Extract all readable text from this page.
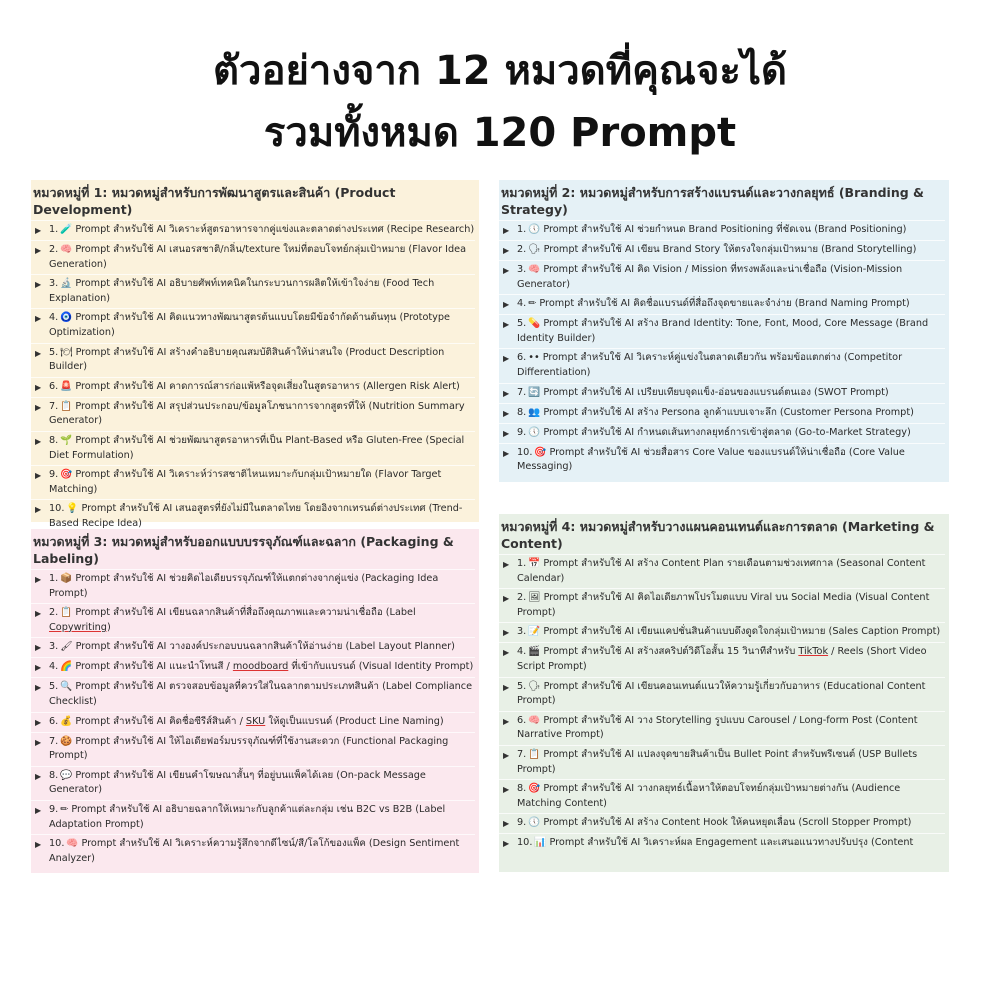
ตัวอย่างจาก 12 หมวดที่คุณจะได้
รวมทั้งหมด 120 Prompt
หมวดหมู่ที่ 1: หมวดหมู่สำหรับการพัฒนาสูตรและสินค้า (Product Development)
▶ 1. 🧪 Prompt สำหรับใช้ AI วิเคราะห์สูตรอาหารจากคู่แข่งและตลาดต่างประเทศ (Recipe Research)
▶ 2. 🧠 Prompt สำหรับใช้ AI เสนอรสชาติ/กลิ่น/texture ใหม่ที่ตอบโจทย์กลุ่มเป้าหมาย (Flavor Idea Generation)
▶ 3. 🔬 Prompt สำหรับใช้ AI อธิบายศัพท์เทคนิคในกระบวนการผลิตให้เข้าใจง่าย (Food Tech Explanation)
▶ 4. 🧿 Prompt สำหรับใช้ AI คิดแนวทางพัฒนาสูตรต้นแบบโดยมีข้อจำกัดด้านต้นทุน (Prototype Optimization)
▶ 5. 🍽 Prompt สำหรับใช้ AI สร้างคำอธิบายคุณสมบัติสินค้าให้น่าสนใจ (Product Description Builder)
▶ 6. 🚨 Prompt สำหรับใช้ AI คาดการณ์สารก่อแพ้หรือจุดเสี่ยงในสูตรอาหาร (Allergen Risk Alert)
▶ 7. 📋 Prompt สำหรับใช้ AI สรุปส่วนประกอบ/ข้อมูลโภชนาการจากสูตรที่ให้ (Nutrition Summary Generator)
▶ 8. 🌱 Prompt สำหรับใช้ AI ช่วยพัฒนาสูตรอาหารที่เป็น Plant-Based หรือ Gluten-Free (Special Diet Formulation)
▶ 9. 🎯 Prompt สำหรับใช้ AI วิเคราะห์ว่ารสชาติไหนเหมาะกับกลุ่มเป้าหมายใด (Flavor Target Matching)
▶ 10. 💡 Prompt สำหรับใช้ AI เสนอสูตรที่ยังไม่มีในตลาดไทย โดยอิงจากเทรนด์ต่างประเทศ (Trend-Based Recipe Idea)
หมวดหมู่ที่ 2: หมวดหมู่สำหรับการสร้างแบรนด์และวางกลยุทธ์ (Branding & Strategy)
▶ 1. 🕔 Prompt สำหรับใช้ AI ช่วยกำหนด Brand Positioning ที่ชัดเจน (Brand Positioning)
▶ 2. 🗣 Prompt สำหรับใช้ AI เขียน Brand Story ให้ตรงใจกลุ่มเป้าหมาย (Brand Storytelling)
▶ 3. 🧠 Prompt สำหรับใช้ AI คิด Vision / Mission ที่ทรงพลังและน่าเชื่อถือ (Vision-Mission Generator)
▶ 4. ✏ Prompt สำหรับใช้ AI คิดชื่อแบรนด์ที่สื่อถึงจุดขายและจำง่าย (Brand Naming Prompt)
▶ 5. 💊 Prompt สำหรับใช้ AI สร้าง Brand Identity: Tone, Font, Mood, Core Message (Brand Identity Builder)
▶ 6. •• Prompt สำหรับใช้ AI วิเคราะห์คู่แข่งในตลาดเดียวกัน พร้อมข้อแตกต่าง (Competitor Differentiation)
▶ 7. 🔄 Prompt สำหรับใช้ AI เปรียบเทียบจุดแข็ง-อ่อนของแบรนด์ตนเอง (SWOT Prompt)
▶ 8. 👥 Prompt สำหรับใช้ AI สร้าง Persona ลูกค้าแบบเจาะลึก (Customer Persona Prompt)
▶ 9. 🕔 Prompt สำหรับใช้ AI กำหนดเส้นทางกลยุทธ์การเข้าสู่ตลาด (Go-to-Market Strategy)
▶ 10. 🎯 Prompt สำหรับใช้ AI ช่วยสื่อสาร Core Value ของแบรนด์ให้น่าเชื่อถือ (Core Value Messaging)
หมวดหมู่ที่ 3: หมวดหมู่สำหรับออกแบบบรรจุภัณฑ์และฉลาก (Packaging & Labeling)
▶ 1. 📦 Prompt สำหรับใช้ AI ช่วยคิดไอเดียบรรจุภัณฑ์ให้แตกต่างจากคู่แข่ง (Packaging Idea Prompt)
▶ 2. 📋 Prompt สำหรับใช้ AI เขียนฉลากสินค้าที่สื่อถึงคุณภาพและความน่าเชื่อถือ (Label Copywriting)
▶ 3. 🖌 Prompt สำหรับใช้ AI วางองค์ประกอบบนฉลากสินค้าให้อ่านง่าย (Label Layout Planner)
▶ 4. 🌈 Prompt สำหรับใช้ AI แนะนำโทนสี / moodboard ที่เข้ากับแบรนด์ (Visual Identity Prompt)
▶ 5. 🔍 Prompt สำหรับใช้ AI ตรวจสอบข้อมูลที่ควรใส่ในฉลากตามประเภทสินค้า (Label Compliance Checklist)
▶ 6. 💰 Prompt สำหรับใช้ AI คิดชื่อซีรีส์สินค้า / SKU ให้ดูเป็นแบรนด์ (Product Line Naming)
▶ 7. 🍪 Prompt สำหรับใช้ AI ให้ไอเดียฟอร์มบรรจุภัณฑ์ที่ใช้งานสะดวก (Functional Packaging Prompt)
▶ 8. 💬 Prompt สำหรับใช้ AI เขียนคำโฆษณาสั้นๆ ที่อยู่บนแพ็คได้เลย (On-pack Message Generator)
▶ 9. ✏ Prompt สำหรับใช้ AI อธิบายฉลากให้เหมาะกับลูกค้าแต่ละกลุ่ม เช่น B2C vs B2B (Label Adaptation Prompt)
▶ 10. 🧠 Prompt สำหรับใช้ AI วิเคราะห์ความรู้สึกจากดีไซน์/สี/โลโก้ของแพ็ค (Design Sentiment Analyzer)
หมวดหมู่ที่ 4: หมวดหมู่สำหรับวางแผนคอนเทนต์และการตลาด (Marketing & Content)
▶ 1. 📅 Prompt สำหรับใช้ AI สร้าง Content Plan รายเดือนตามช่วงเทศกาล (Seasonal Content Calendar)
▶ 2. 🖼 Prompt สำหรับใช้ AI คิดไอเดียภาพโปรโมตแบบ Viral บน Social Media (Visual Content Prompt)
▶ 3. 📝 Prompt สำหรับใช้ AI เขียนแคปชั่นสินค้าแบบดึงดูดใจกลุ่มเป้าหมาย (Sales Caption Prompt)
▶ 4. 🎬 Prompt สำหรับใช้ AI สร้างสคริปต์วิดีโอสั้น 15 วินาทีสำหรับ TikTok / Reels (Short Video Script Prompt)
▶ 5. 🗣 Prompt สำหรับใช้ AI เขียนคอนเทนต์แนวให้ความรู้เกี่ยวกับอาหาร (Educational Content Prompt)
▶ 6. 🧠 Prompt สำหรับใช้ AI วาง Storytelling รูปแบบ Carousel / Long-form Post (Content Narrative Prompt)
▶ 7. 📋 Prompt สำหรับใช้ AI แปลงจุดขายสินค้าเป็น Bullet Point สำหรับพรีเซนต์ (USP Bullets Prompt)
▶ 8. 🎯 Prompt สำหรับใช้ AI วางกลยุทธ์เนื้อหาให้ตอบโจทย์กลุ่มเป้าหมายต่างกัน (Audience Matching Content)
▶ 9. 🕔 Prompt สำหรับใช้ AI สร้าง Content Hook ให้คนหยุดเลื่อน (Scroll Stopper Prompt)
▶ 10. 📊 Prompt สำหรับใช้ AI วิเคราะห์ผล Engagement และเสนอแนวทางปรับปรุง (Content
